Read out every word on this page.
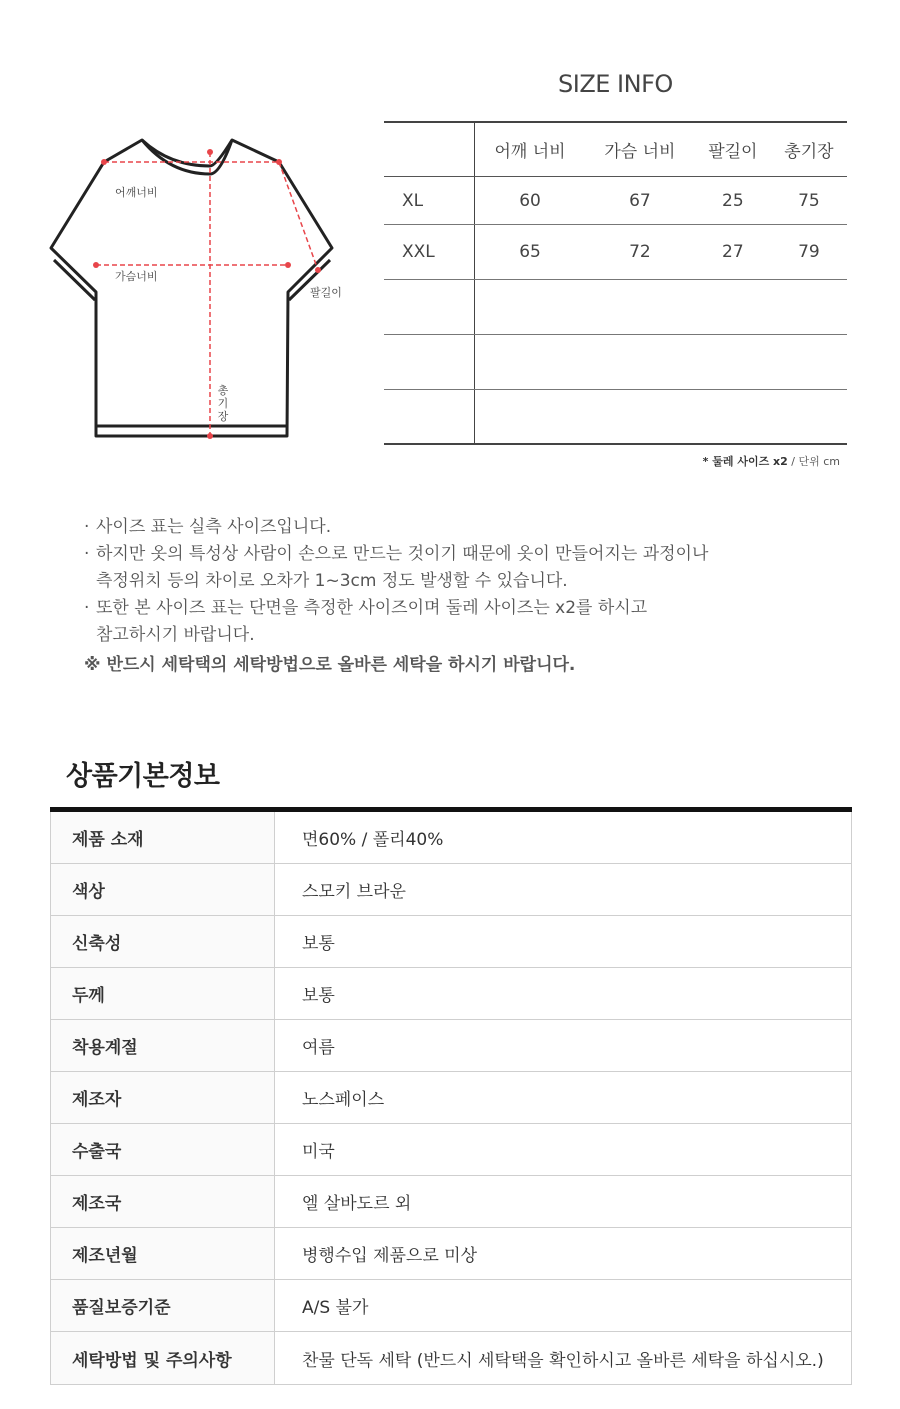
어깨너비
가슴너비
팔길이
총
기
장
SIZE INFO
	어깨 너비	가슴 너비	팔길이	총기장
XL	60	67	25	75
XXL	65	72	27	79

* 둘레 사이즈 x2 / 단위 cm
· 사이즈 표는 실측 사이즈입니다.
· 하지만 옷의 특성상 사람이 손으로 만드는 것이기 때문에 옷이 만들어지는 과정이나
측정위치 등의 차이로 오차가 1~3cm 정도 발생할 수 있습니다.
· 또한 본 사이즈 표는 단면을 측정한 사이즈이며 둘레 사이즈는 x2를 하시고
참고하시기 바랍니다.
※ 반드시 세탁택의 세탁방법으로 올바른 세탁을 하시기 바랍니다.
상품기본정보
제품 소재	면60% / 폴리40%
색상	스모키 브라운
신축성	보통
두께	보통
착용계절	여름
제조자	노스페이스
수출국	미국
제조국	엘 살바도르 외
제조년월	병행수입 제품으로 미상
품질보증기준	A/S 불가
세탁방법 및 주의사항	찬물 단독 세탁 (반드시 세탁택을 확인하시고 올바른 세탁을 하십시오.)
